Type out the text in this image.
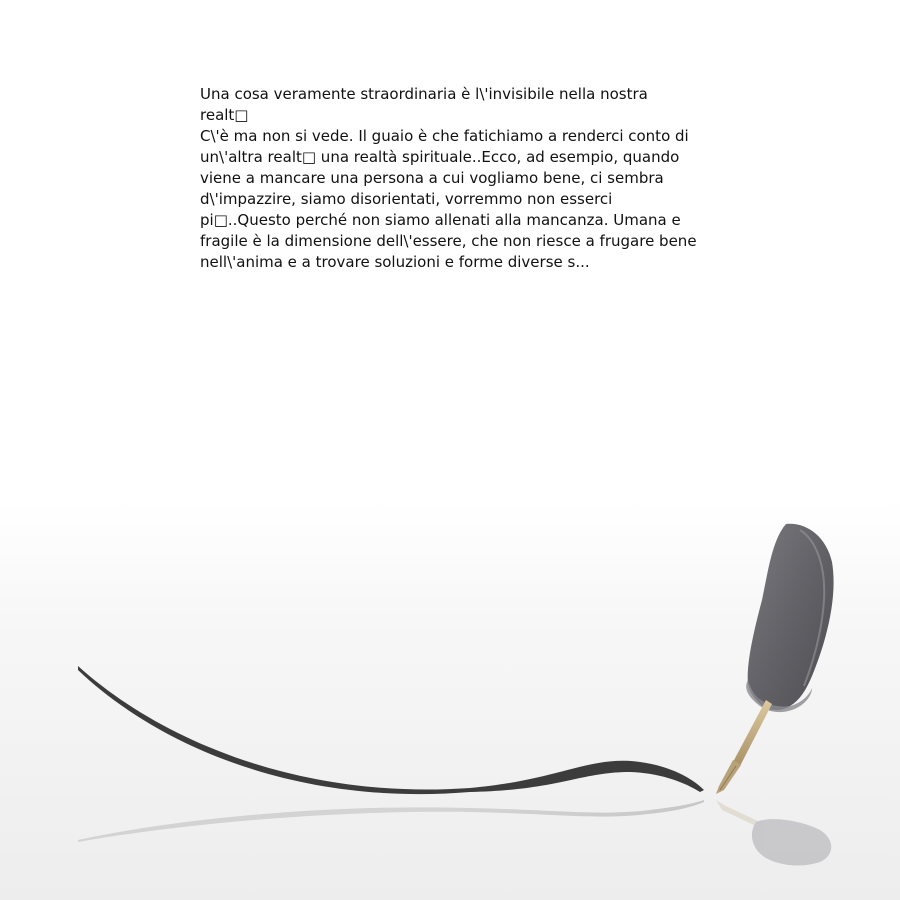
Una cosa veramente straordinaria è l\'invisibile nella nostra realt□

C\'è ma non si vede. Il guaio è che fatichiamo a renderci conto di un\'altra realt□ una realtà spirituale..Ecco, ad esempio, quando viene a mancare una persona a cui vogliamo bene, ci sembra d\'impazzire, siamo disorientati, vorremmo non esserci pi□..Questo perché non siamo allenati alla mancanza. Umana e fragile è la dimensione dell\'essere, che non riesce a frugare bene nell\'anima e a trovare soluzioni e forme diverse s...
